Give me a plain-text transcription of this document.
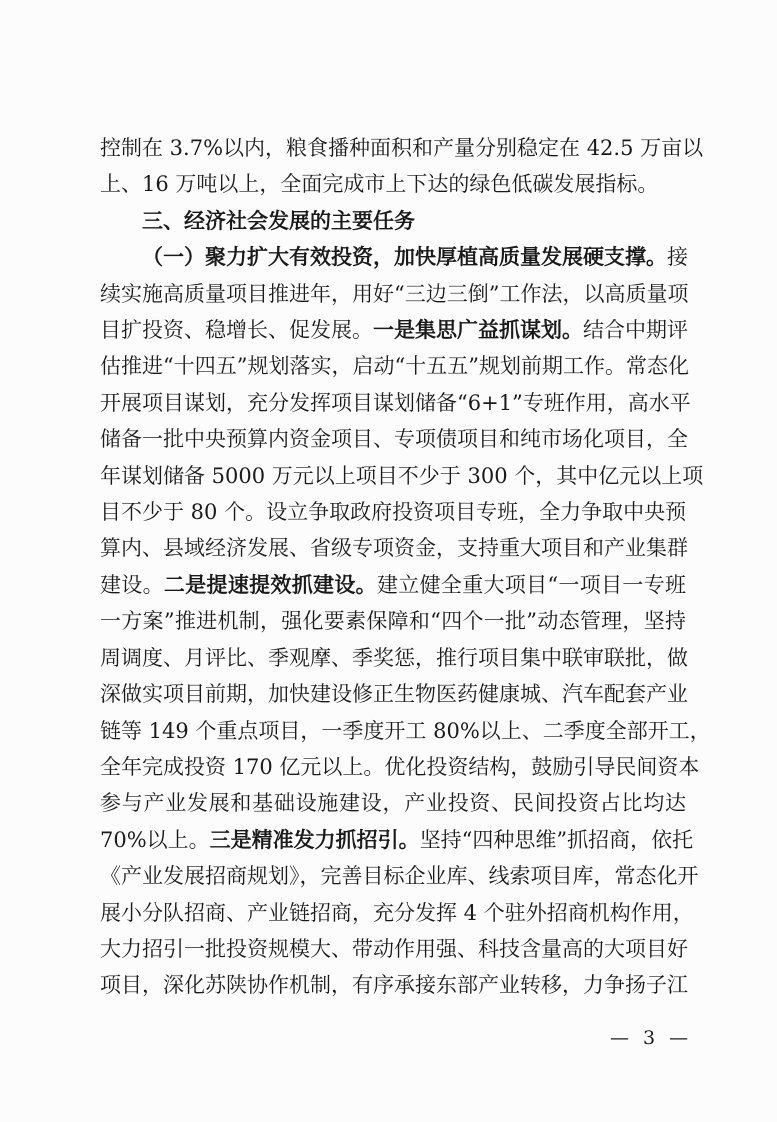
控制在 3.7%以内，粮食播种面积和产量分别稳定在 42.5 万亩以
上、16 万吨以上，全面完成市上下达的绿色低碳发展指标。
三、经济社会发展的主要任务
（一）聚力扩大有效投资，加快厚植高质量发展硬支撑。接
续实施高质量项目推进年，用好“三边三倒”工作法，以高质量项
目扩投资、稳增长、促发展。一是集思广益抓谋划。结合中期评
估推进“十四五”规划落实，启动“十五五”规划前期工作。常态化
开展项目谋划，充分发挥项目谋划储备“6+1”专班作用，高水平
储备一批中央预算内资金项目、专项债项目和纯市场化项目，全
年谋划储备 5000 万元以上项目不少于 300 个，其中亿元以上项
目不少于 80 个。设立争取政府投资项目专班，全力争取中央预
算内、县域经济发展、省级专项资金，支持重大项目和产业集群
建设。二是提速提效抓建设。建立健全重大项目“一项目一专班
一方案”推进机制，强化要素保障和“四个一批”动态管理，坚持
周调度、月评比、季观摩、季奖惩，推行项目集中联审联批，做
深做实项目前期，加快建设修正生物医药健康城、汽车配套产业
链等 149 个重点项目，一季度开工 80%以上、二季度全部开工，
全年完成投资 170 亿元以上。优化投资结构，鼓励引导民间资本
参与产业发展和基础设施建设，产业投资、民间投资占比均达
70%以上。三是精准发力抓招引。坚持“四种思维”抓招商，依托
《产业发展招商规划》，完善目标企业库、线索项目库，常态化开
展小分队招商、产业链招商，充分发挥 4 个驻外招商机构作用，
大力招引一批投资规模大、带动作用强、科技含量高的大项目好
项目，深化苏陕协作机制，有序承接东部产业转移，力争扬子江
— 3 —
